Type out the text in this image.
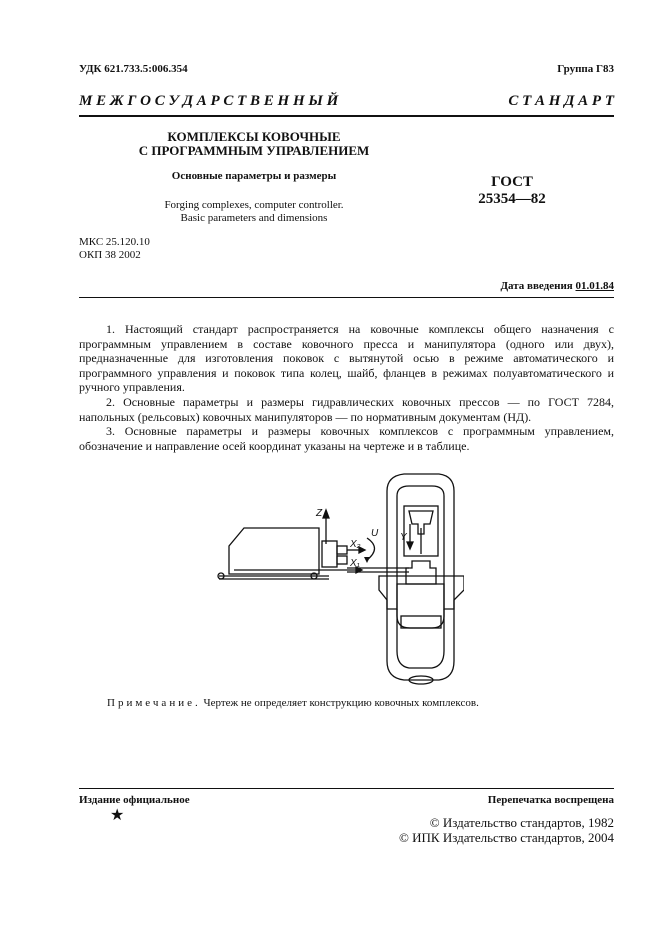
УДК 621.733.5:006.354	Группа Г83
М Е Ж Г О С У Д А Р С Т В Е Н Н Ы Й	С Т А Н Д А Р Т
КОМПЛЕКСЫ КОВОЧНЫЕ
С ПРОГРАММНЫМ УПРАВЛЕНИЕМ
Основные параметры и размеры
Forging complexes, computer controller.
Basic parameters and dimensions
ГОСТ
25354—82
МКС 25.120.10
ОКП 38 2002
Дата введения 01.01.84

1. Настоящий стандарт распространяется на ковочные комплексы общего назначения с программным управлением в составе ковочного пресса и манипулятора (одного или двух), предназначенные для изготовления поковок с вытянутой осью в режиме автоматического и программного управления и поковок типа колец, шайб, фланцев в режимах полуавтоматического и ручного управления.

2. Основные параметры и размеры гидравлических ковочных прессов — по ГОСТ 7284, напольных (рельсовых) ковочных манипуляторов — по нормативным документам (НД).

3. Основные параметры и размеры ковочных комплексов с программным управлением, обозначение и направление осей координат указаны на чертеже и в таблице.

Z
U Y
X₂
X₁
Примечание. Чертеж не определяет конструкцию ковочных комплексов.
Издание официальное	Перепечатка воспрещена
★	© Издательство стандартов, 1982
© ИПК Издательство стандартов, 2004
